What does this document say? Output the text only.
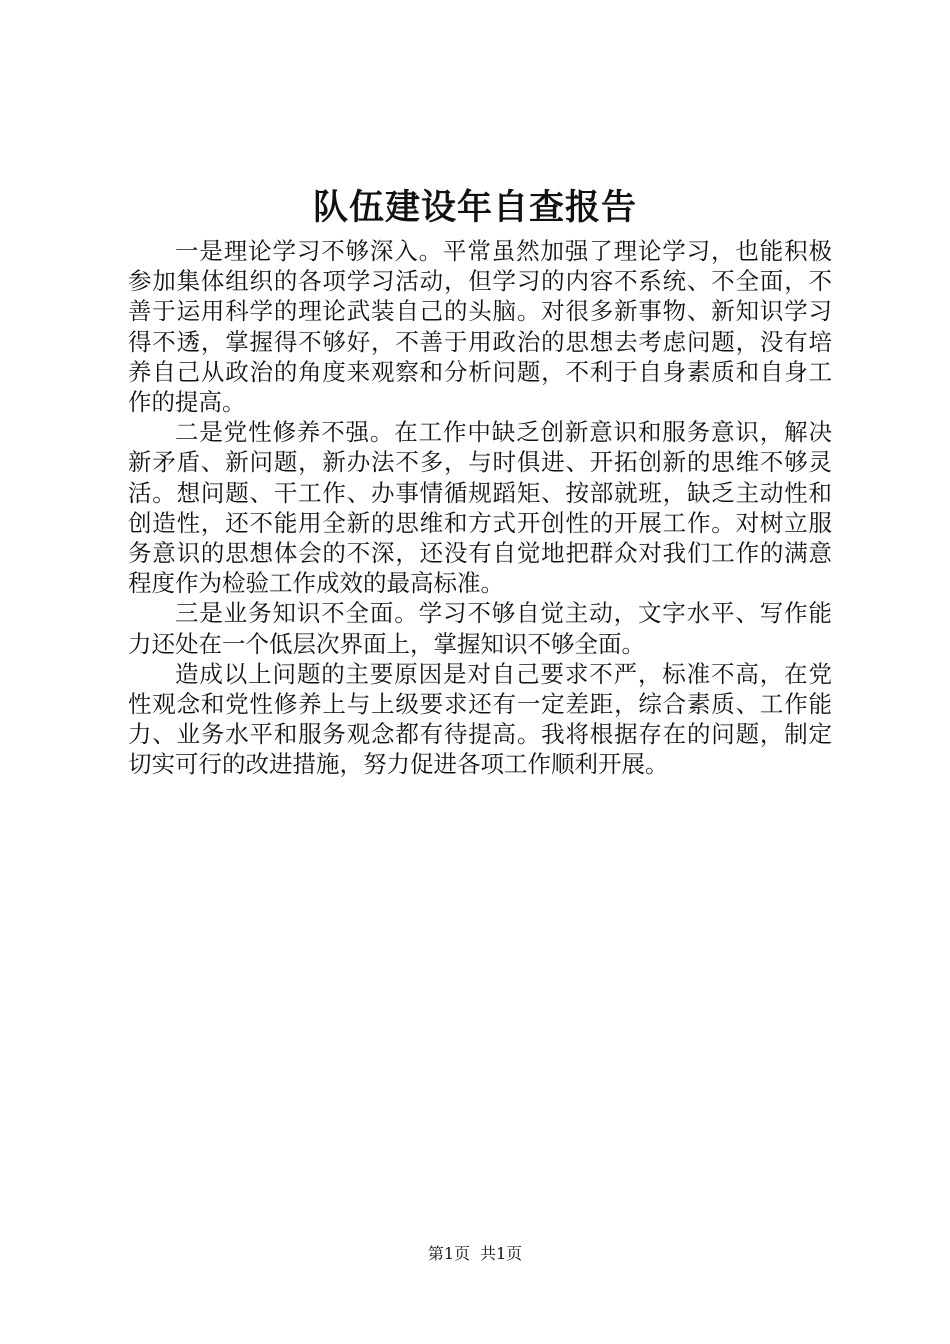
队伍建设年自查报告

一是理论学习不够深入。平常虽然加强了理论学习，也能积极参加集体组织的各项学习活动，但学习的内容不系统、不全面，不善于运用科学的理论武装自己的头脑。对很多新事物、新知识学习得不透，掌握得不够好，不善于用政治的思想去考虑问题，没有培养自己从政治的角度来观察和分析问题，不利于自身素质和自身工作的提高。

二是党性修养不强。在工作中缺乏创新意识和服务意识，解决新矛盾、新问题，新办法不多，与时俱进、开拓创新的思维不够灵活。想问题、干工作、办事情循规蹈矩、按部就班，缺乏主动性和创造性，还不能用全新的思维和方式开创性的开展工作。对树立服务意识的思想体会的不深，还没有自觉地把群众对我们工作的满意程度作为检验工作成效的最高标准。

三是业务知识不全面。学习不够自觉主动，文字水平、写作能力还处在一个低层次界面上，掌握知识不够全面。

造成以上问题的主要原因是对自己要求不严，标准不高，在党性观念和党性修养上与上级要求还有一定差距，综合素质、工作能力、业务水平和服务观念都有待提高。我将根据存在的问题，制定切实可行的改进措施，努力促进各项工作顺利开展。

第1页 共1页
